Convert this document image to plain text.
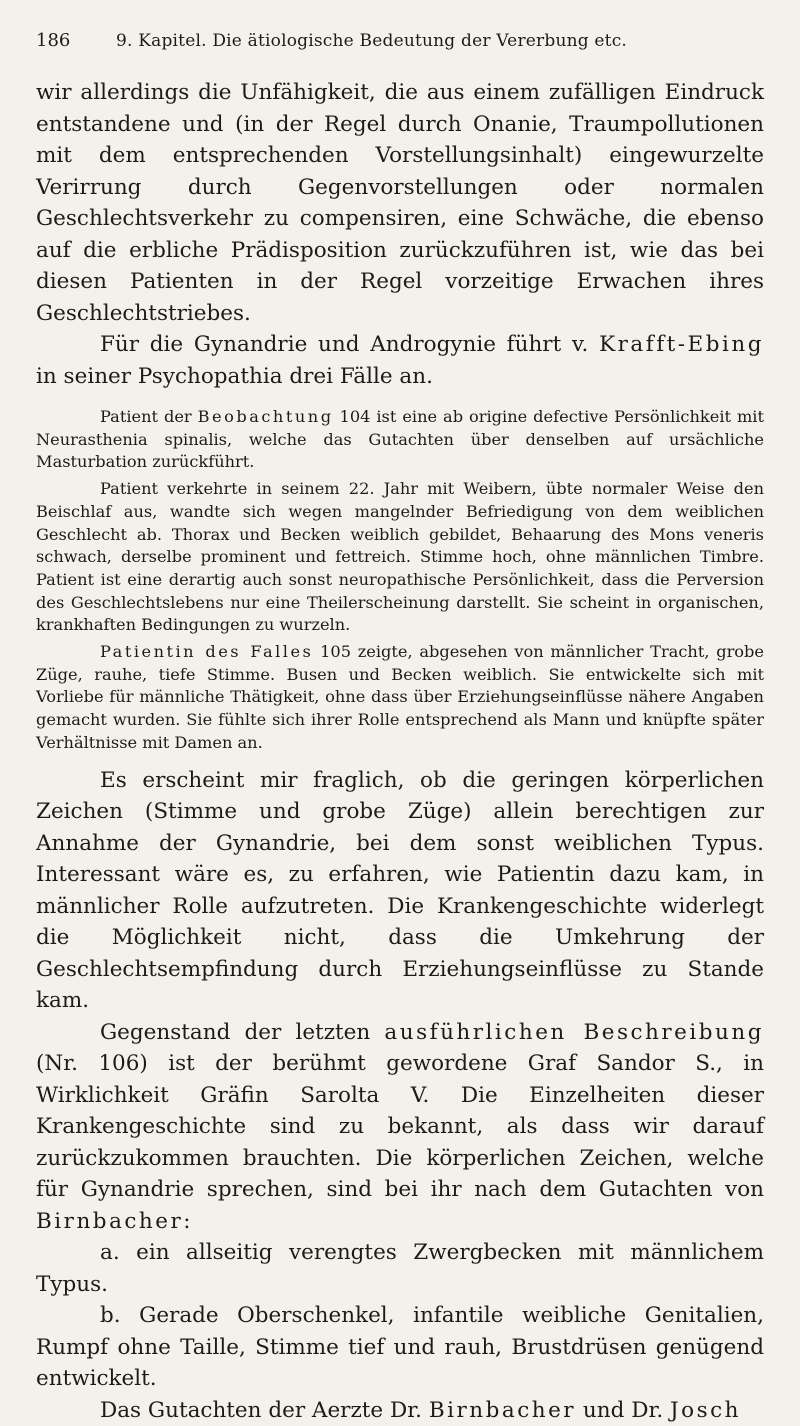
186	9. Kapitel. Die ätiologische Bedeutung der Vererbung etc.

wir allerdings die Unfähigkeit, die aus einem zufälligen Eindruck entstandene und (in der Regel durch Onanie, Traumpollutionen mit dem entsprechenden Vorstellungsinhalt) eingewurzelte Verirrung durch Gegenvorstellungen oder normalen Geschlechtsverkehr zu compensiren, eine Schwäche, die ebenso auf die erbliche Prädisposition zurückzuführen ist, wie das bei diesen Patienten in der Regel vorzeitige Erwachen ihres Geschlechtstriebes.

Für die Gynandrie und Androgynie führt v. Krafft-Ebing in seiner Psychopathia drei Fälle an.

Patient der Beobachtung 104 ist eine ab origine defective Persönlichkeit mit Neurasthenia spinalis, welche das Gutachten über denselben auf ursächliche Masturbation zurückführt.

Patient verkehrte in seinem 22. Jahr mit Weibern, übte normaler Weise den Beischlaf aus, wandte sich wegen mangelnder Befriedigung von dem weiblichen Geschlecht ab. Thorax und Becken weiblich gebildet, Behaarung des Mons veneris schwach, derselbe prominent und fettreich. Stimme hoch, ohne männlichen Timbre. Patient ist eine derartig auch sonst neuropathische Persönlichkeit, dass die Perversion des Geschlechtslebens nur eine Theilerscheinung darstellt. Sie scheint in organischen, krankhaften Bedingungen zu wurzeln.

Patientin des Falles 105 zeigte, abgesehen von männlicher Tracht, grobe Züge, rauhe, tiefe Stimme. Busen und Becken weiblich. Sie entwickelte sich mit Vorliebe für männliche Thätigkeit, ohne dass über Erziehungseinflüsse nähere Angaben gemacht wurden. Sie fühlte sich ihrer Rolle entsprechend als Mann und knüpfte später Verhältnisse mit Damen an.

Es erscheint mir fraglich, ob die geringen körperlichen Zeichen (Stimme und grobe Züge) allein berechtigen zur Annahme der Gynandrie, bei dem sonst weiblichen Typus. Interessant wäre es, zu erfahren, wie Patientin dazu kam, in männlicher Rolle aufzutreten. Die Krankengeschichte widerlegt die Möglichkeit nicht, dass die Umkehrung der Geschlechtsempfindung durch Erziehungseinflüsse zu Stande kam.

Gegenstand der letzten ausführlichen Beschreibung (Nr. 106) ist der berühmt gewordene Graf Sandor S., in Wirklichkeit Gräfin Sarolta V. Die Einzelheiten dieser Krankengeschichte sind zu bekannt, als dass wir darauf zurückzukommen brauchten. Die körperlichen Zeichen, welche für Gynandrie sprechen, sind bei ihr nach dem Gutachten von Birnbacher:

a. ein allseitig verengtes Zwergbecken mit männlichem Typus.
b. Gerade Oberschenkel, infantile weibliche Genitalien, Rumpf ohne Taille, Stimme tief und rauh, Brustdrüsen genügend entwickelt.

Das Gutachten der Aerzte Dr. Birnbacher und Dr. Josch
